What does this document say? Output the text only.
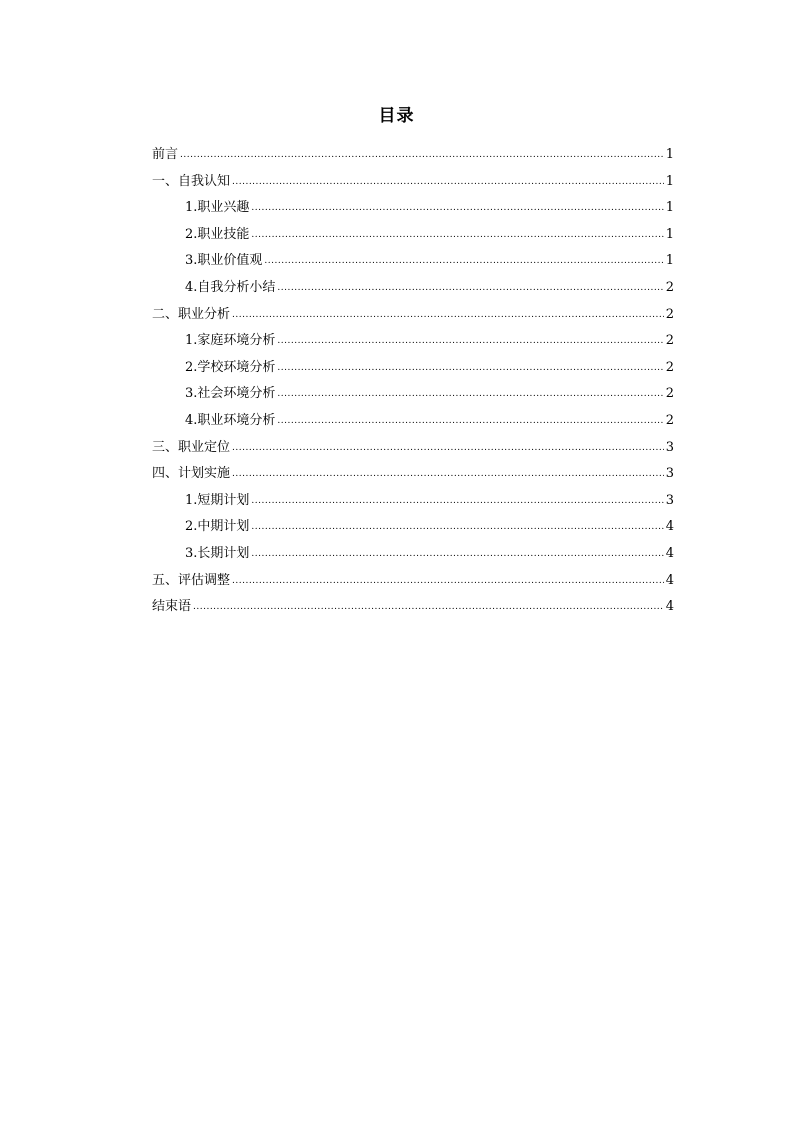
目录
前言 .....	1
一、自我认知 .....	1
1.职业兴趣 .....	1
2.职业技能 .....	1
3.职业价值观 .....	1
4.自我分析小结 .....	2
二、职业分析 .....	2
1.家庭环境分析 .....	2
2.学校环境分析 .....	2
3.社会环境分析 .....	2
4.职业环境分析 .....	2
三、职业定位 .....	3
四、计划实施 .....	3
1.短期计划 .....	3
2.中期计划 .....	4
3.长期计划 .....	4
五、评估调整 .....	4
结束语 .....	4
